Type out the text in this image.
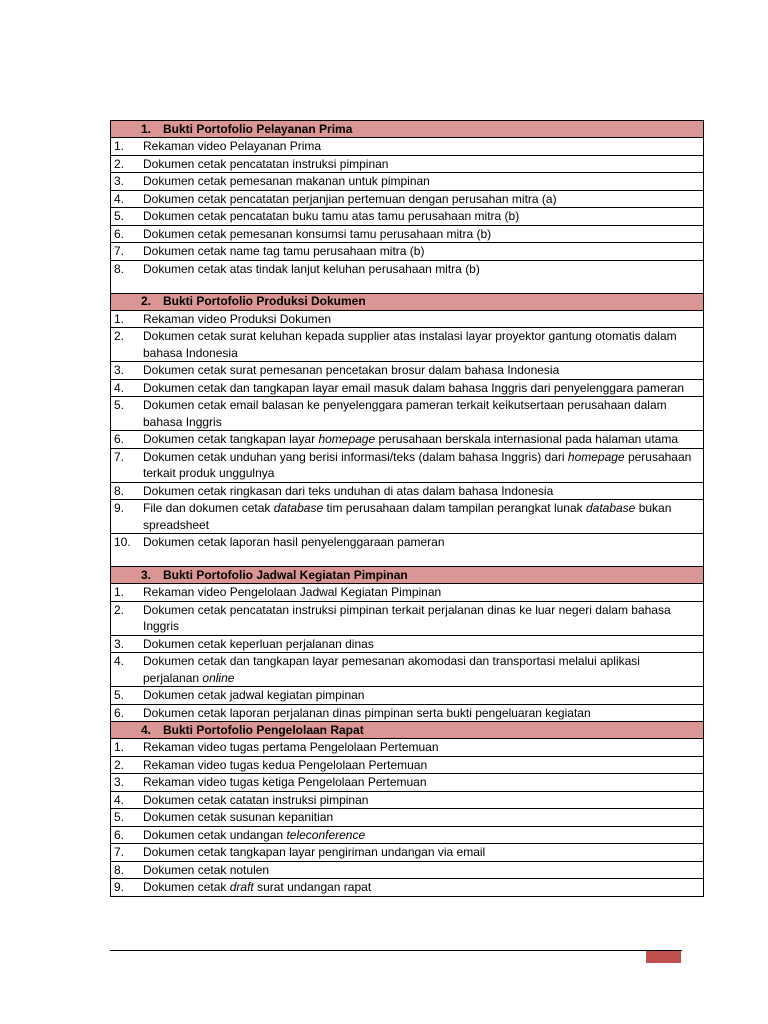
1. Bukti Portofolio Pelayanan Prima
1.	Rekaman video Pelayanan Prima
2.	Dokumen cetak pencatatan instruksi pimpinan
3.	Dokumen cetak pemesanan makanan untuk pimpinan
4.	Dokumen cetak pencatatan perjanjian pertemuan dengan perusahan mitra (a)
5.	Dokumen cetak pencatatan buku tamu atas tamu perusahaan mitra (b)
6.	Dokumen cetak pemesanan konsumsi tamu perusahaan mitra (b)
7.	Dokumen cetak name tag tamu perusahaan mitra (b)
8.	Dokumen cetak atas tindak lanjut keluhan perusahaan mitra (b)
2. Bukti Portofolio Produksi Dokumen
1.	Rekaman video Produksi Dokumen
2.	Dokumen cetak surat keluhan kepada supplier atas instalasi layar proyektor gantung otomatis dalam bahasa Indonesia
3.	Dokumen cetak surat pemesanan pencetakan brosur dalam bahasa Indonesia
4.	Dokumen cetak dan tangkapan layar email masuk dalam bahasa Inggris dari penyelenggara pameran
5.	Dokumen cetak email balasan ke penyelenggara pameran terkait keikutsertaan perusahaan dalam bahasa Inggris
6.	Dokumen cetak tangkapan layar homepage perusahaan berskala internasional pada halaman utama
7.	Dokumen cetak unduhan yang berisi informasi/teks (dalam bahasa Inggris) dari homepage perusahaan terkait produk unggulnya
8.	Dokumen cetak ringkasan dari teks unduhan di atas dalam bahasa Indonesia
9.	File dan dokumen cetak database tim perusahaan dalam tampilan perangkat lunak database bukan spreadsheet
10.	Dokumen cetak laporan hasil penyelenggaraan pameran
3. Bukti Portofolio Jadwal Kegiatan Pimpinan
1.	Rekaman video Pengelolaan Jadwal Kegiatan Pimpinan
2.	Dokumen cetak pencatatan instruksi pimpinan terkait perjalanan dinas ke luar negeri dalam bahasa Inggris
3.	Dokumen cetak keperluan perjalanan dinas
4.	Dokumen cetak dan tangkapan layar pemesanan akomodasi dan transportasi melalui aplikasi perjalanan online
5.	Dokumen cetak jadwal kegiatan pimpinan
6.	Dokumen cetak laporan perjalanan dinas pimpinan serta bukti pengeluaran kegiatan
4. Bukti Portofolio Pengelolaan Rapat
1.	Rekaman video tugas pertama Pengelolaan Pertemuan
2.	Rekaman video tugas kedua Pengelolaan Pertemuan
3.	Rekaman video tugas ketiga Pengelolaan Pertemuan
4.	Dokumen cetak catatan instruksi pimpinan
5.	Dokumen cetak susunan kepanitian
6.	Dokumen cetak undangan teleconference
7.	Dokumen cetak tangkapan layar pengiriman undangan via email
8.	Dokumen cetak notulen
9.	Dokumen cetak draft surat undangan rapat
